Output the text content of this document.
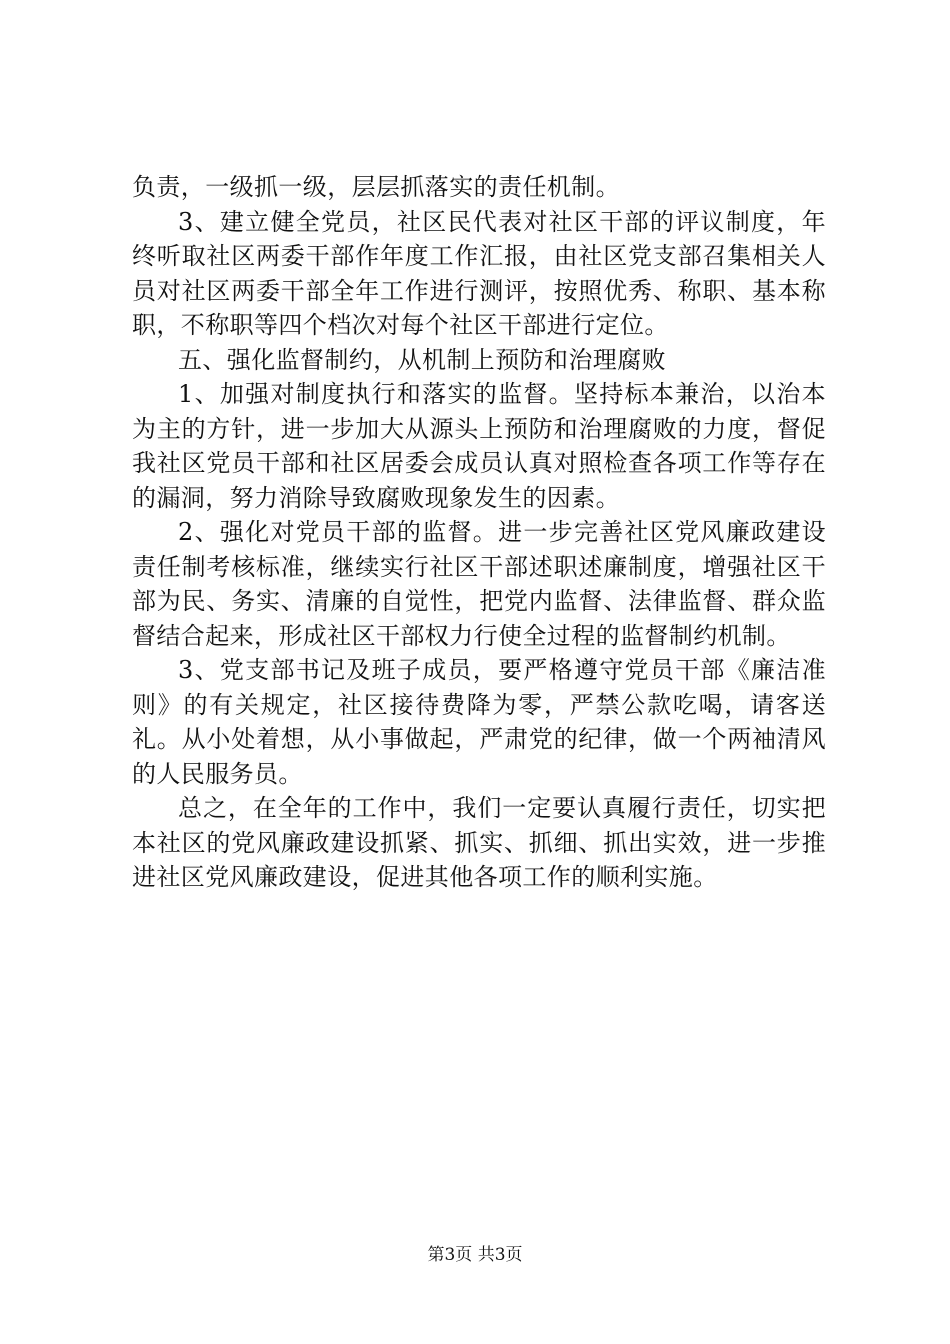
负责，一级抓一级，层层抓落实的责任机制。

3、建立健全党员，社区民代表对社区干部的评议制度，年终听取社区两委干部作年度工作汇报，由社区党支部召集相关人员对社区两委干部全年工作进行测评，按照优秀、称职、基本称职，不称职等四个档次对每个社区干部进行定位。

五、强化监督制约，从机制上预防和治理腐败

1、加强对制度执行和落实的监督。坚持标本兼治，以治本为主的方针，进一步加大从源头上预防和治理腐败的力度，督促我社区党员干部和社区居委会成员认真对照检查各项工作等存在的漏洞，努力消除导致腐败现象发生的因素。

2、强化对党员干部的监督。进一步完善社区党风廉政建设责任制考核标准，继续实行社区干部述职述廉制度，增强社区干部为民、务实、清廉的自觉性，把党内监督、法律监督、群众监督结合起来，形成社区干部权力行使全过程的监督制约机制。

3、党支部书记及班子成员，要严格遵守党员干部《廉洁准则》的有关规定，社区接待费降为零，严禁公款吃喝，请客送礼。从小处着想，从小事做起，严肃党的纪律，做一个两袖清风的人民服务员。

总之，在全年的工作中，我们一定要认真履行责任，切实把本社区的党风廉政建设抓紧、抓实、抓细、抓出实效，进一步推进社区党风廉政建设，促进其他各项工作的顺利实施。

第3页 共3页
